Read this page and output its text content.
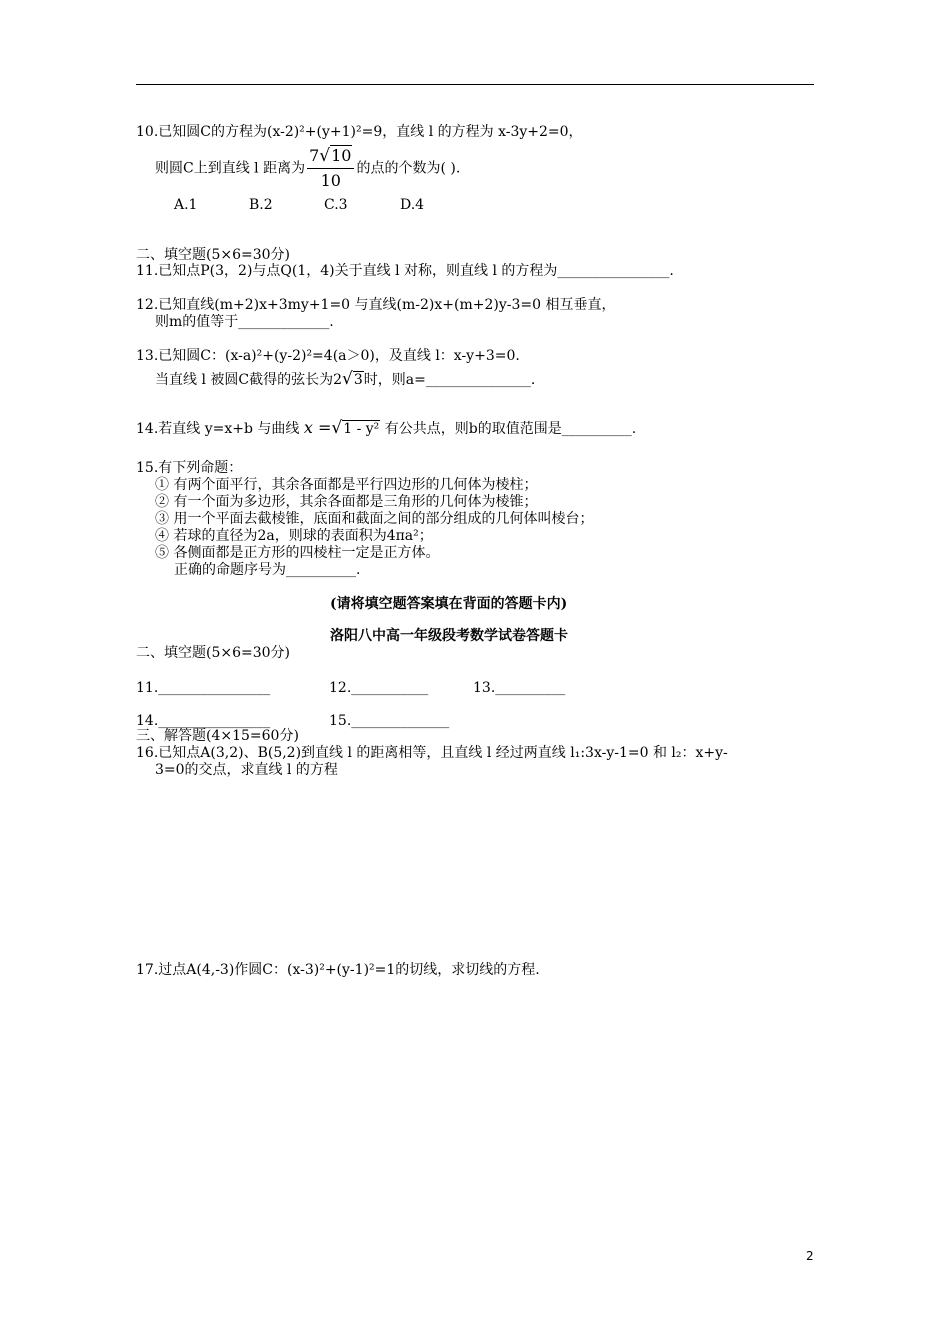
10.已知圆C的方程为(x-2)²+(y+1)²=9，直线 l 的方程为 x-3y+2=0，
则圆C上到直线 l 距离为 $\frac{7√10}{10}$ 的点的个数为( ).
A.1	B.2	C.3	D.4
二、填空题(5×6=30分)
11.已知点P(3，2)与点Q(1，4)关于直线 l 对称，则直线 l 的方程为________________.
12.已知直线(m+2)x+3my+1=0 与直线(m-2)x+(m+2)y-3=0 相互垂直，
则m的值等于_____________.
13.已知圆C：(x-a)²+(y-2)²=4(a＞0)，及直线 l：x-y+3=0.
当直线 l 被圆C截得的弦长为2√3时，则a=_______________.
14.若直线 y=x+b 与曲线 x =√1 - y² 有公共点，则b的取值范围是__________.
15.有下列命题：
① 有两个面平行，其余各面都是平行四边形的几何体为棱柱；
② 有一个面为多边形，其余各面都是三角形的几何体为棱锥；
③ 用一个平面去截棱锥，底面和截面之间的部分组成的几何体叫棱台；
④ 若球的直径为2a，则球的表面积为4πa²；
⑤ 各侧面都是正方形的四棱柱一定是正方体。
正确的命题序号为__________.
(请将填空题答案填在背面的答题卡内)
洛阳八中高一年级段考数学试卷答题卡
二、填空题(5×6=30分)
11.________________	12.___________	13.__________
14.________________	15.______________
三、解答题(4×15=60分)
16.已知点A(3,2)、B(5,2)到直线 l 的距离相等，且直线 l 经过两直线 l₁:3x-y-1=0 和 l₂：x+y-
3=0的交点，求直线 l 的方程
17.过点A(4,-3)作圆C：(x-3)²+(y-1)²=1的切线，求切线的方程.
2
